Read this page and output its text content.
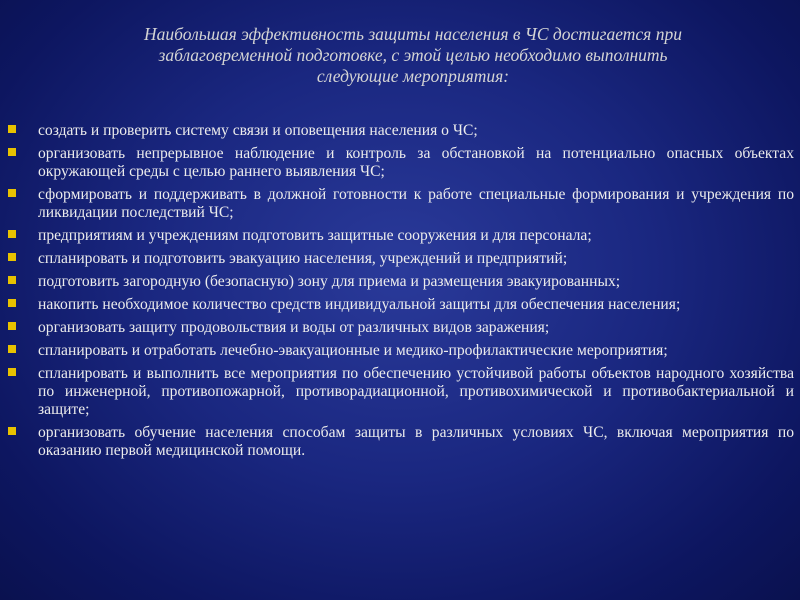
Наибольшая эффективность защиты населения в ЧС достигается при
заблаговременной подготовке, с этой целью необходимо выполнить
следующие мероприятия:
создать и проверить систему связи и оповещения населения о ЧС;
организовать непрерывное наблюдение и контроль за обстановкой на потенциально опасных объектах окружающей среды с целью раннего выявления ЧС;
сформировать и поддерживать в должной готовности к работе специальные формирования и учреждения по ликвидации последствий ЧС;
предприятиям и учреждениям подготовить защитные сооружения и для персонала;
спланировать и подготовить эвакуацию населения, учреждений и предприятий;
подготовить загородную (безопасную) зону для приема и размещения эвакуированных;
накопить необходимое количество средств индивидуальной защиты для обеспечения населения;
организовать защиту продовольствия и воды от различных видов заражения;
спланировать и отработать лечебно-эвакуационные и медико-профилактические мероприятия;
спланировать и выполнить все мероприятия по обеспечению устойчивой работы объектов народного хозяйства по инженерной, противопожарной, противорадиационной, противохимической и противобактериальной и защите;
организовать обучение населения способам защиты в различных условиях ЧС, включая мероприятия по оказанию первой медицинской помощи.
